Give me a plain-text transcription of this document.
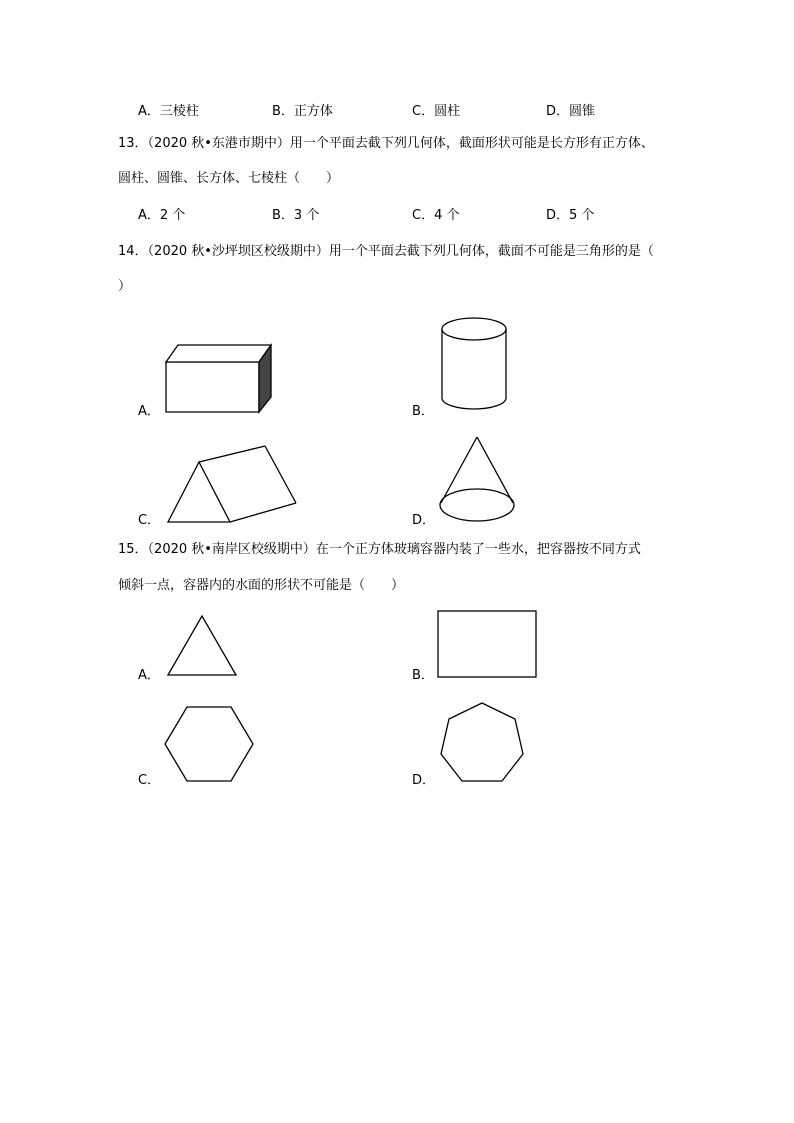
A．三棱柱	B．正方体	C．圆柱	D．圆锥
13．（2020 秋•东港市期中）用一个平面去截下列几何体，截面形状可能是长方形有正方体、
圆柱、圆锥、长方体、七棱柱（　　）
A．2 个	B．3 个	C．4 个	D．5 个
14．（2020 秋•沙坪坝区校级期中）用一个平面去截下列几何体，截面不可能是三角形的是（
）
A．	B．
C．	D．
15．（2020 秋•南岸区校级期中）在一个正方体玻璃容器内装了一些水，把容器按不同方式
倾斜一点，容器内的水面的形状不可能是（　　）
A．	B．
C．	D．
